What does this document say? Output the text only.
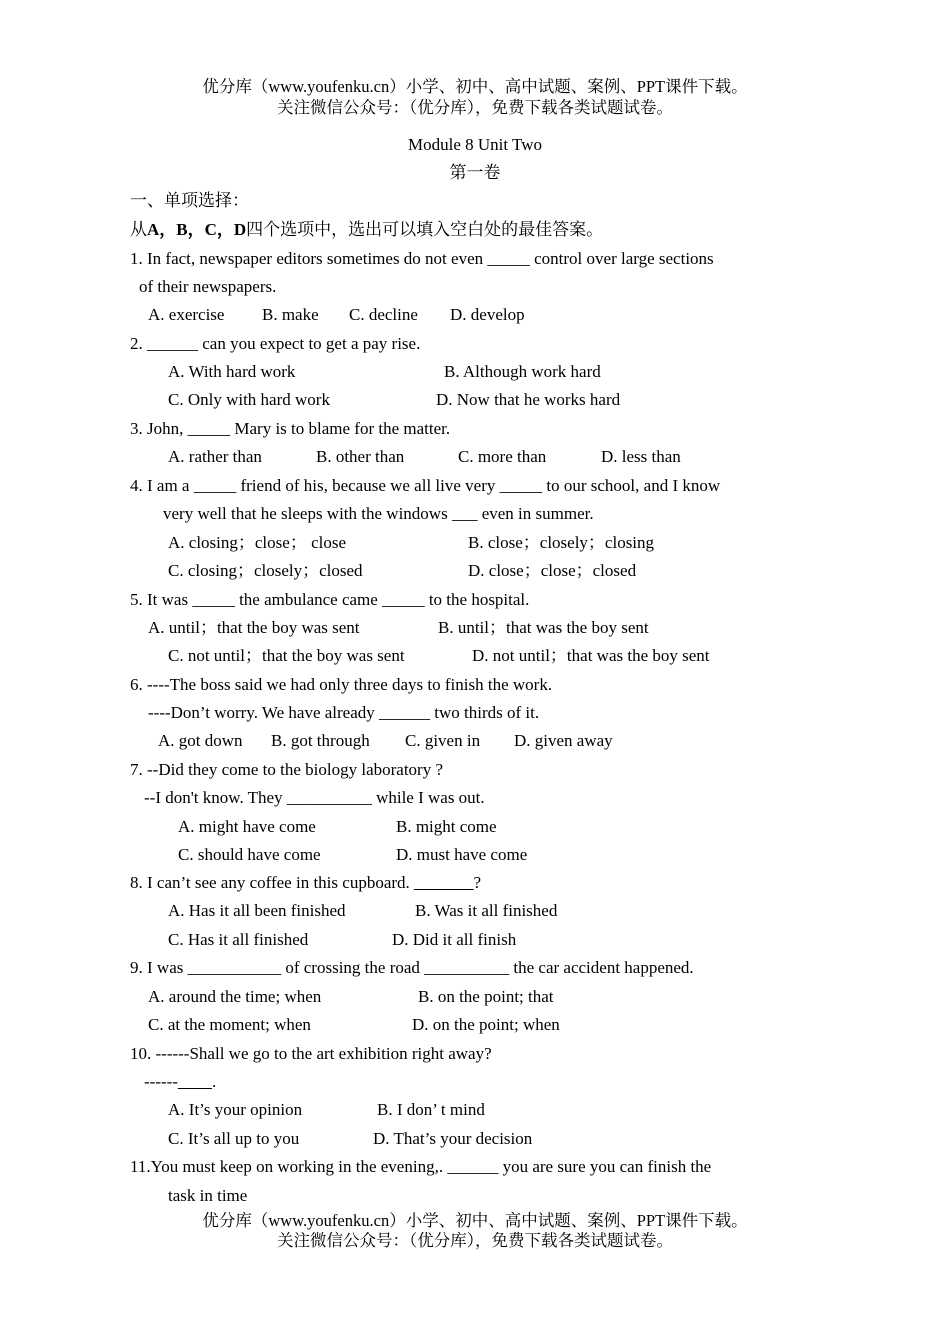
优分库（www.youfenku.cn）小学、初中、高中试题、案例、PPT课件下载。
关注微信公众号：（优分库），免费下载各类试题试卷。
Module 8 Unit Two
第一卷
一、单项选择：
从A，B，C，D四个选项中，选出可以填入空白处的最佳答案。
1. In fact, newspaper editors sometimes do not even _____ control over large sections
of their newspapers.
A. exercise B. make C. decline D. develop
2. ______ can you expect to get a pay rise.
A. With hard work	B. Although work hard
C. Only with hard work	D. Now that he works hard
3. John, _____ Mary is to blame for the matter.
A. rather than	B. other than	C. more than	D. less than
4. I am a _____ friend of his, because we all live very _____ to our school, and I know
very well that he sleeps with the windows ___ even in summer.
A. closing；close； close	B. close；closely；closing
C. closing；closely；closed	D. close；close；closed
5. It was _____ the ambulance came _____ to the hospital.
A. until；that the boy was sent	B. until；that was the boy sent
C. not until；that the boy was sent	D. not until；that was the boy sent
6. ----The boss said we had only three days to finish the work.
----Don’t worry. We have already ______ two thirds of it.
A. got down B. got through C. given in D. given away
7. --Did they come to the biology laboratory ?
--I don't know. They __________ while I was out.
A. might have come	B. might come
C. should have come	D. must have come
8. I can’t see any coffee in this cupboard. _______?
A. Has it all been finished	B. Was it all finished
C. Has it all finished	D. Did it all finish
9. I was ___________ of crossing the road __________ the car accident happened.
A. around the time; when	B. on the point; that
C. at the moment; when	D. on the point; when
10. ------Shall we go to the art exhibition right away?
------____.
A. It’s your opinion	B. I don’ t mind
C. It’s all up to you	D. That’s your decision
11.You must keep on working in the evening,. ______ you are sure you can finish the
task in time
优分库（www.youfenku.cn）小学、初中、高中试题、案例、PPT课件下载。
关注微信公众号：（优分库），免费下载各类试题试卷。
